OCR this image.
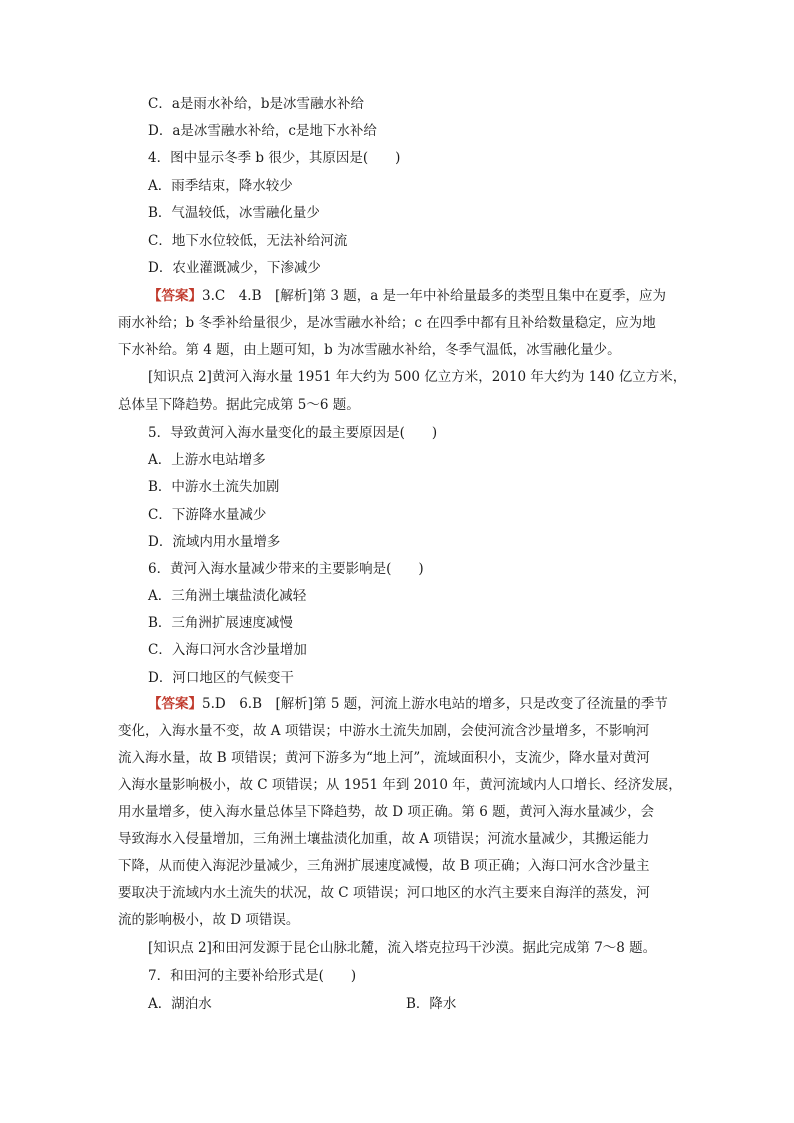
C．a是雨水补给，b是冰雪融水补给
D．a是冰雪融水补给，c是地下水补给
4．图中显示冬季 b 很少，其原因是(　　)
A．雨季结束，降水较少
B．气温较低，冰雪融化量少
C．地下水位较低，无法补给河流
D．农业灌溉减少，下渗减少
【答案】3.C　4.B　[解析]第 3 题，a 是一年中补给量最多的类型且集中在夏季，应为
雨水补给；b 冬季补给量很少，是冰雪融水补给；c 在四季中都有且补给数量稳定，应为地
下水补给。第 4 题，由上题可知，b 为冰雪融水补给，冬季气温低，冰雪融化量少。
[知识点 2]黄河入海水量 1951 年大约为 500 亿立方米，2010 年大约为 140 亿立方米，
总体呈下降趋势。据此完成第 5～6 题。
5．导致黄河入海水量变化的最主要原因是(　　)
A．上游水电站增多
B．中游水土流失加剧
C．下游降水量减少
D．流域内用水量增多
6．黄河入海水量减少带来的主要影响是(　　)
A．三角洲土壤盐渍化减轻
B．三角洲扩展速度减慢
C．入海口河水含沙量增加
D．河口地区的气候变干
【答案】5.D　6.B　[解析]第 5 题，河流上游水电站的增多，只是改变了径流量的季节
变化，入海水量不变，故 A 项错误；中游水土流失加剧，会使河流含沙量增多，不影响河
流入海水量，故 B 项错误；黄河下游多为“地上河”，流域面积小，支流少，降水量对黄河
入海水量影响极小，故 C 项错误；从 1951 年到 2010 年，黄河流域内人口增长、经济发展，
用水量增多，使入海水量总体呈下降趋势，故 D 项正确。第 6 题，黄河入海水量减少，会
导致海水入侵量增加，三角洲土壤盐渍化加重，故 A 项错误；河流水量减少，其搬运能力
下降，从而使入海泥沙量减少，三角洲扩展速度减慢，故 B 项正确；入海口河水含沙量主
要取决于流域内水土流失的状况，故 C 项错误；河口地区的水汽主要来自海洋的蒸发，河
流的影响极小，故 D 项错误。
[知识点 2]和田河发源于昆仑山脉北麓，流入塔克拉玛干沙漠。据此完成第 7～8 题。
7．和田河的主要补给形式是(　　)
A．湖泊水	B．降水
